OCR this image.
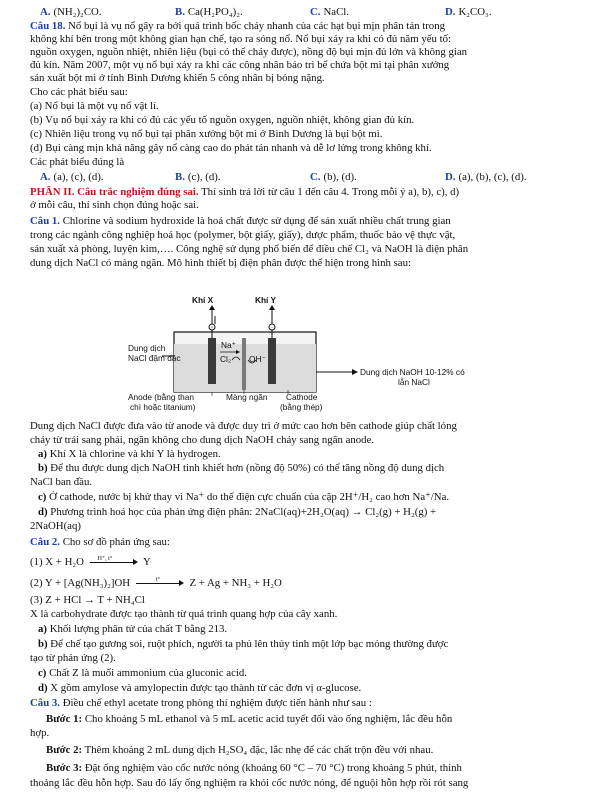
A. (NH₂)₂CO.	B. Ca(H₂PO₄)₂.	C. NaCl.	D. K₂CO₃.
Câu 18. Nổ bụi là vụ nổ gây ra bởi quá trình bốc cháy nhanh của các hạt bụi mịn phân tán trong
không khí bên trong một không gian hạn chế, tạo ra sóng nổ. Nổ bụi xảy ra khi có đủ năm yếu tố:
nguồn oxygen, nguồn nhiệt, nhiên liệu (bụi có thể cháy được), nồng độ bụi mịn đủ lớn và không gian
đủ kín. Năm 2007, một vụ nổ bụi xảy ra khi các công nhân bảo trì bể chứa bột mì tại phân xưởng
sản xuất bột mì ở tỉnh Bình Dương khiến 5 công nhân bị bỏng nặng.
Cho các phát biểu sau:
(a) Nổ bụi là một vụ nổ vật lí.
(b) Vụ nổ bụi xảy ra khi có đủ các yếu tố nguồn oxygen, nguồn nhiệt, không gian đủ kín.
(c) Nhiên liệu trong vụ nổ bụi tại phân xưởng bột mì ở Bình Dương là bụi bột mì.
(d) Bụi càng mịn khả năng gây nổ càng cao do phát tán nhanh và dễ lơ lửng trong không khí.
Các phát biểu đúng là
A. (a), (c), (d).	B. (c), (d).	C. (b), (d).	D. (a), (b), (c), (d).
PHẦN II. Câu trắc nghiệm đúng sai. Thí sinh trả lời từ câu 1 đến câu 4. Trong mỗi ý a), b), c), d)
ở mỗi câu, thí sinh chọn đúng hoặc sai.
Câu 1. Chlorine và sodium hydroxide là hoá chất được sử dụng để sản xuất nhiều chất trung gian
trong các ngành công nghiệp hoá học (polymer, bột giấy, giấy), dược phẩm, thuốc bảo vệ thực vật,
sản xuất xà phòng, luyện kim,…. Công nghệ sử dụng phổ biến để điều chế Cl₂ và NaOH là điện phân
dung dịch NaCl có màng ngăn. Mô hình thiết bị điện phân được thể hiện trong hình sau:
Khí X	Khí Y
+	-
Na⁺
Cl₂ OH⁻
Dung dịch
NaCl đậm đặc
Dung dịch NaOH 10-12% có
lẫn NaCl
Anode (bằng than
chì hoặc titanium)
Màng ngăn Cathode
(bằng thép)
Dung dịch NaCl được đưa vào từ anode và được duy trì ở mức cao hơn bên cathode giúp chất lỏng
chảy từ trái sang phải, ngăn không cho dung dịch NaOH chảy sang ngăn anode.
a) Khí X là chlorine và khí Y là hydrogen.
b) Để thu được dung dịch NaOH tinh khiết hơn (nồng độ 50%) có thể tăng nồng độ dung dịch
NaCl ban đầu.
c) Ở cathode, nước bị khử thay vì Na⁺ do thế điện cực chuẩn của cặp 2H⁺/H₂ cao hơn Na⁺/Na.
d) Phương trình hoá học của phản ứng điện phân: 2NaCl(aq)+2H₂O(aq) → Cl₂(g) + H₂(g) +
2NaOH(aq)
Câu 2. Cho sơ đồ phản ứng sau:
(1) X + H₂O H⁺, t°	Y
(2) Y + [Ag(NH₃)₂]OH	t°	Z + Ag + NH₃ + H₂O
(3) Z + HCl → T + NH₄Cl
X là carbohydrate được tạo thành từ quá trình quang hợp của cây xanh.
a) Khối lượng phân tử của chất T bằng 213.
b) Để chế tạo gương soi, ruột phích, người ta phủ lên thủy tinh một lớp bạc mỏng thường được
tạo từ phản ứng (2).
c) Chất Z là muối ammonium của gluconic acid.
d) X gồm amylose và amylopectin được tạo thành từ các đơn vị α-glucose.
Câu 3. Điều chế ethyl acetate trong phòng thí nghiệm được tiến hành như sau :
Bước 1: Cho khoảng 5 mL ethanol và 5 mL acetic acid tuyết đối vào ống nghiệm, lắc đều hỗn
hợp.
Bước 2: Thêm khoảng 2 mL dung dịch H₂SO₄ đặc, lắc nhẹ để các chất trộn đều với nhau.
Bước 3: Đặt ống nghiệm vào cốc nước nóng (khoảng 60 °C – 70 °C) trong khoảng 5 phút, thỉnh
thoảng lắc đều hỗn hợp. Sau đó lấy ống nghiệm ra khỏi cốc nước nóng, để nguội hỗn hợp rồi rót sang
